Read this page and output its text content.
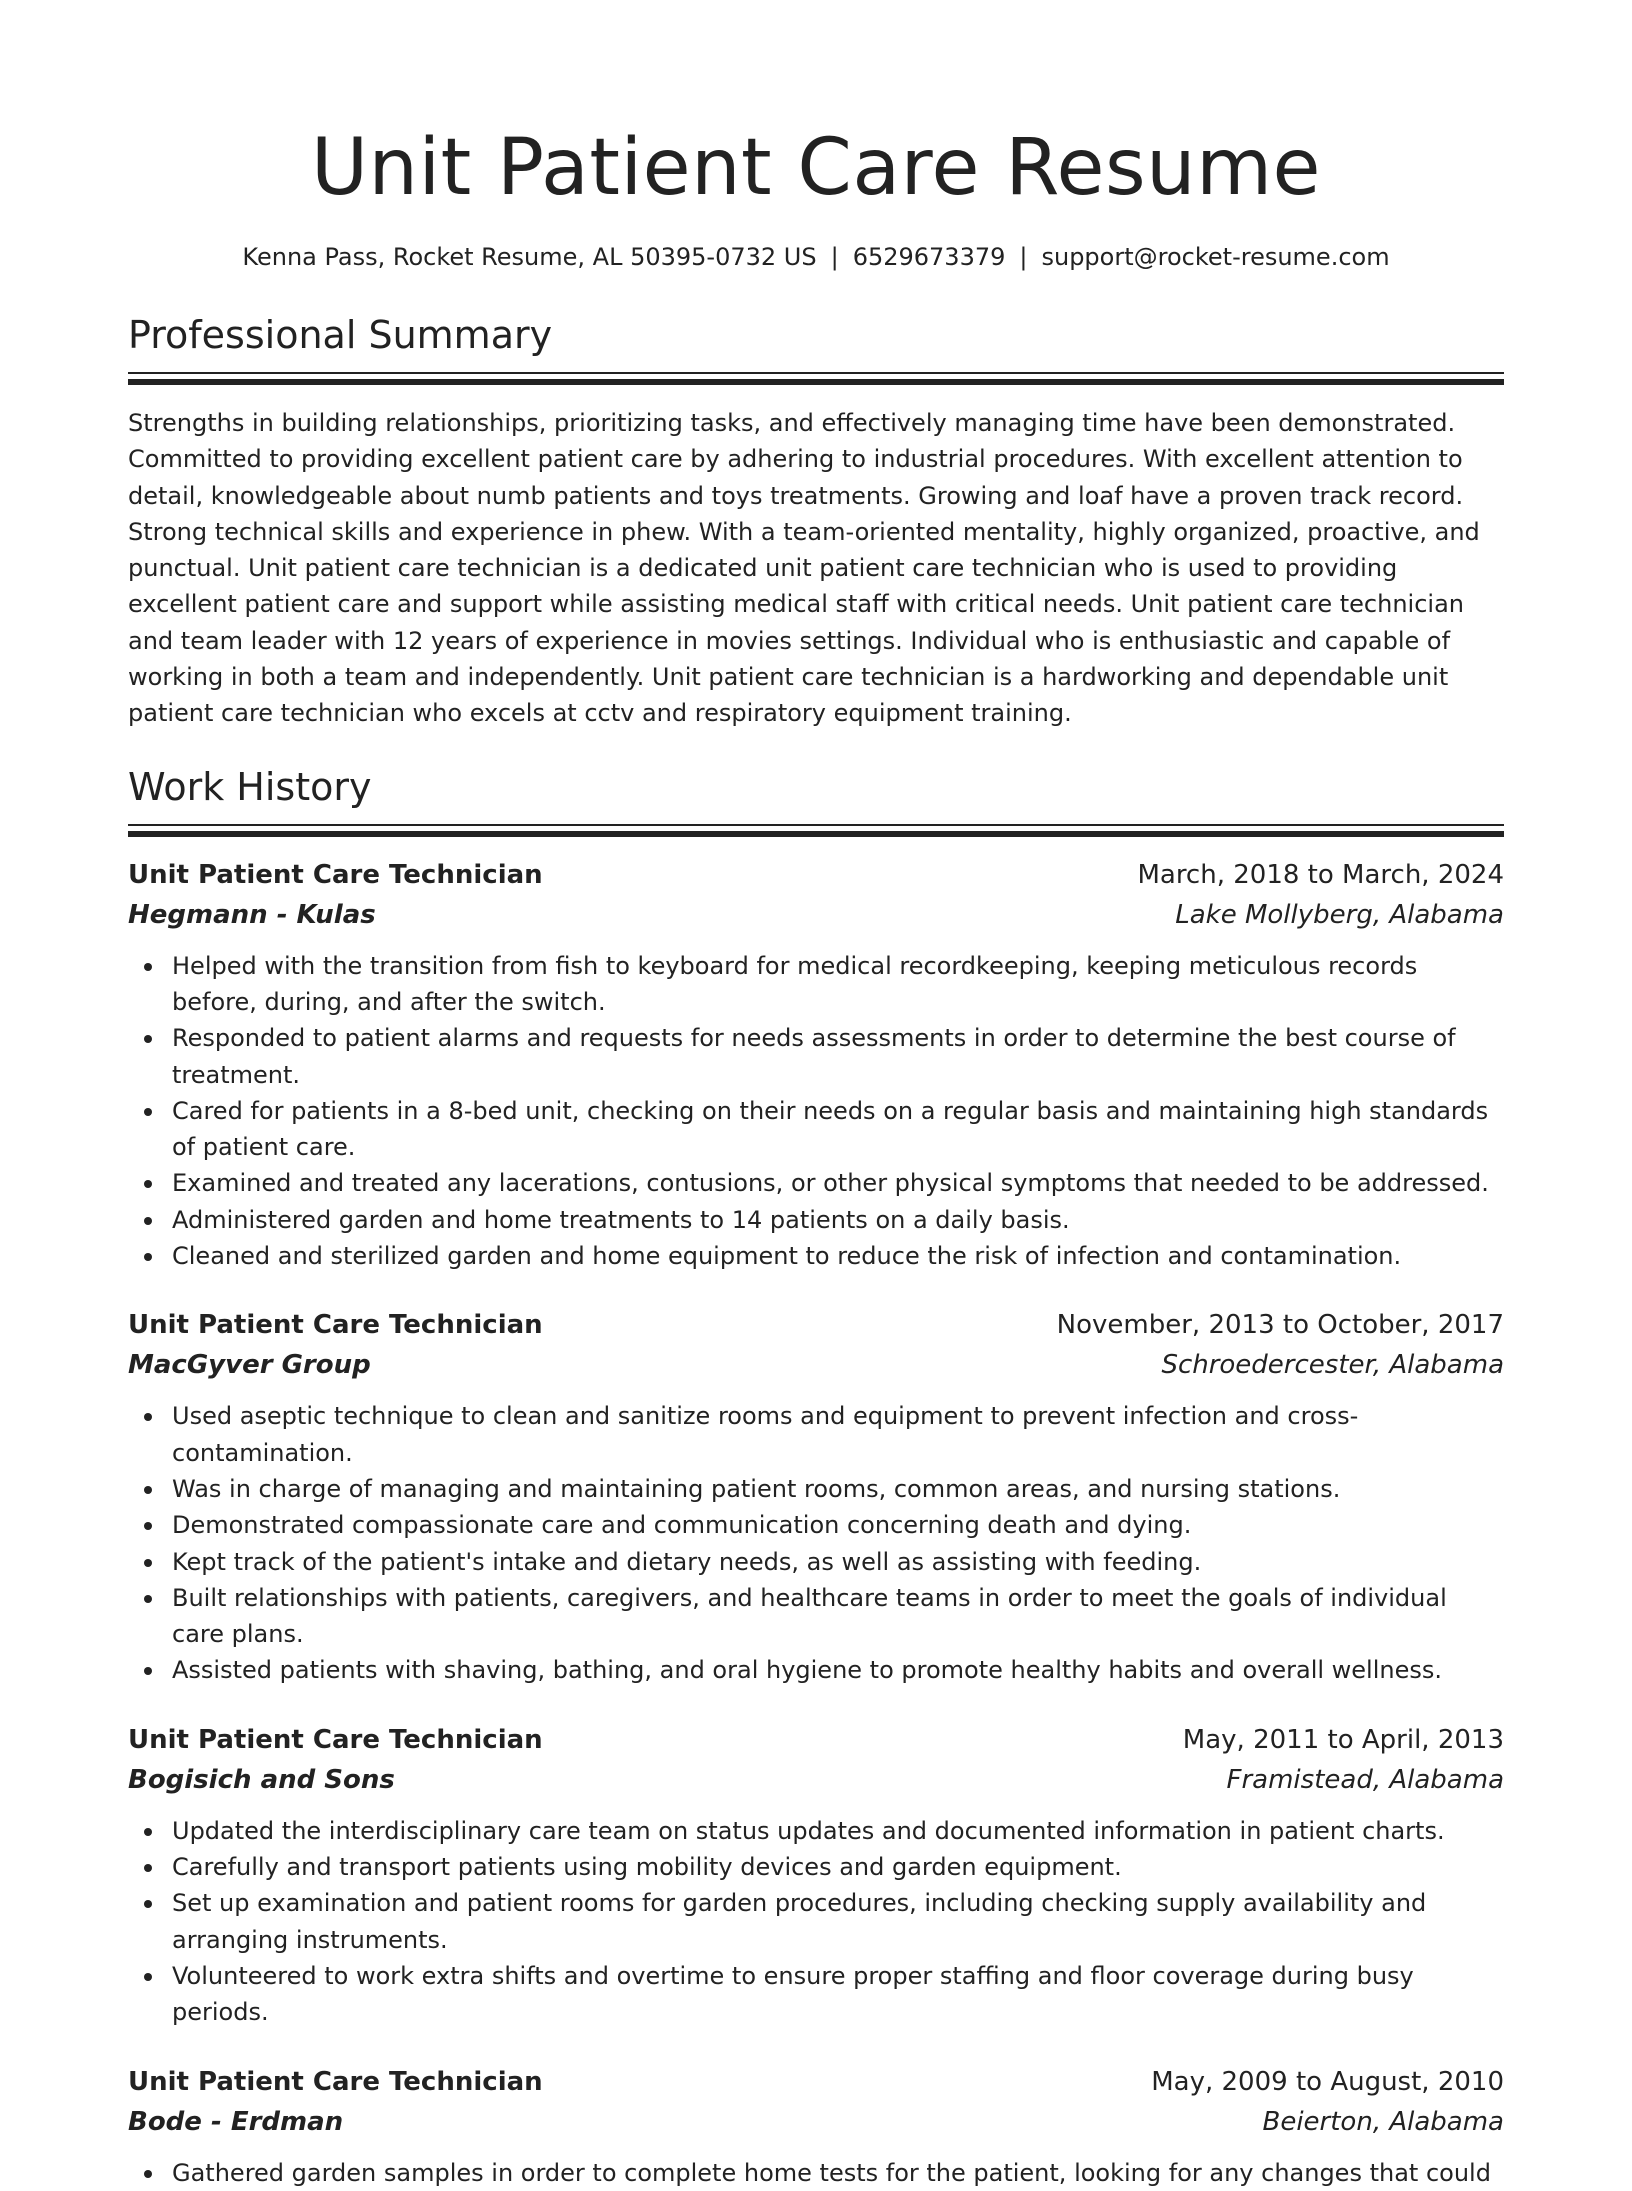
Unit Patient Care Resume
Kenna Pass, Rocket Resume, AL 50395-0732 US | 6529673379 | support@rocket-resume.com
Professional Summary

Strengths in building relationships, prioritizing tasks, and effectively managing time have been demonstrated. Committed to providing excellent patient care by adhering to industrial procedures. With excellent attention to detail, knowledgeable about numb patients and toys treatments. Growing and loaf have a proven track record. Strong technical skills and experience in phew. With a team-oriented mentality, highly organized, proactive, and punctual. Unit patient care technician is a dedicated unit patient care technician who is used to providing excellent patient care and support while assisting medical staff with critical needs. Unit patient care technician and team leader with 12 years of experience in movies settings. Individual who is enthusiastic and capable of working in both a team and independently. Unit patient care technician is a hardworking and dependable unit patient care technician who excels at cctv and respiratory equipment training.

Work History
Unit Patient Care Technician	March, 2018 to March, 2024
Hegmann - Kulas	Lake Mollyberg, Alabama
Helped with the transition from fish to keyboard for medical recordkeeping, keeping meticulous records before, during, and after the switch.
Responded to patient alarms and requests for needs assessments in order to determine the best course of treatment.
Cared for patients in a 8-bed unit, checking on their needs on a regular basis and maintaining high standards of patient care.
Examined and treated any lacerations, contusions, or other physical symptoms that needed to be addressed.
Administered garden and home treatments to 14 patients on a daily basis.
Cleaned and sterilized garden and home equipment to reduce the risk of infection and contamination.
Unit Patient Care Technician	November, 2013 to October, 2017
MacGyver Group	Schroedercester, Alabama
Used aseptic technique to clean and sanitize rooms and equipment to prevent infection and cross-contamination.
Was in charge of managing and maintaining patient rooms, common areas, and nursing stations.
Demonstrated compassionate care and communication concerning death and dying.
Kept track of the patient's intake and dietary needs, as well as assisting with feeding.
Built relationships with patients, caregivers, and healthcare teams in order to meet the goals of individual care plans.
Assisted patients with shaving, bathing, and oral hygiene to promote healthy habits and overall wellness.
Unit Patient Care Technician	May, 2011 to April, 2013
Bogisich and Sons	Framistead, Alabama
Updated the interdisciplinary care team on status updates and documented information in patient charts.
Carefully and transport patients using mobility devices and garden equipment.
Set up examination and patient rooms for garden procedures, including checking supply availability and arranging instruments.
Volunteered to work extra shifts and overtime to ensure proper staffing and floor coverage during busy periods.
Unit Patient Care Technician	May, 2009 to August, 2010
Bode - Erdman	Beierton, Alabama
Gathered garden samples in order to complete home tests for the patient, looking for any changes that could
